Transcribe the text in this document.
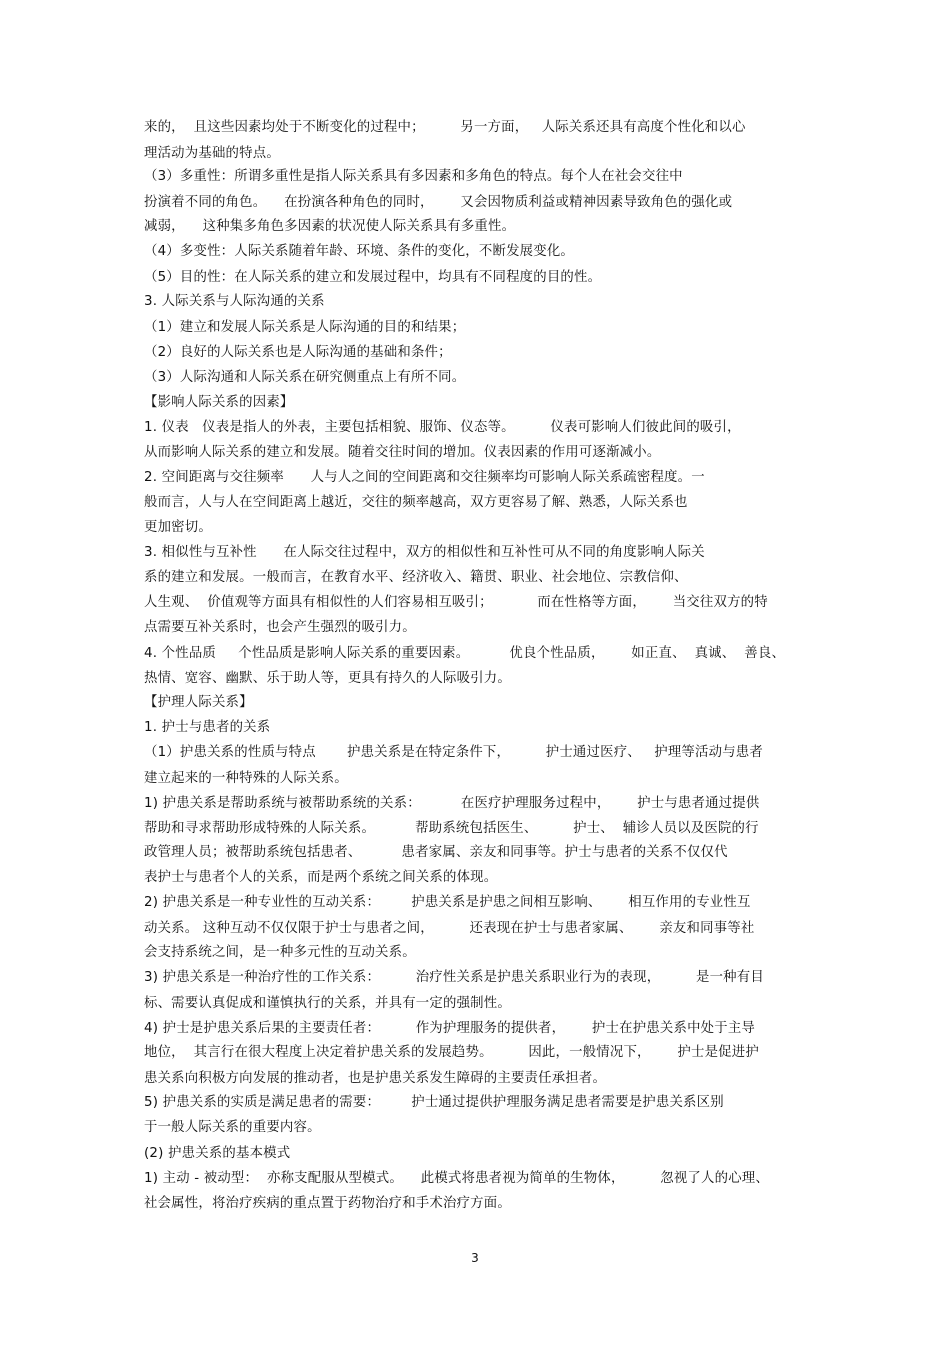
来的，  且这些因素均处于不断变化的过程中；        另一方面，   人际关系还具有高度个性化和以心
理活动为基础的特点。
（3）多重性：所谓多重性是指人际关系具有多因素和多角色的特点。每个人在社会交往中
扮演着不同的角色。    在扮演各种角色的同时，      又会因物质利益或精神因素导致角色的强化或
减弱，    这种集多角色多因素的状况使人际关系具有多重性。
（4）多变性：人际关系随着年龄、环境、条件的变化，不断发展变化。
（5）目的性：在人际关系的建立和发展过程中，均具有不同程度的目的性。
3. 人际关系与人际沟通的关系
（1）建立和发展人际关系是人际沟通的目的和结果；
（2）良好的人际关系也是人际沟通的基础和条件；
（3）人际沟通和人际关系在研究侧重点上有所不同。
【影响人际关系的因素】
1. 仪表   仪表是指人的外表，主要包括相貌、服饰、仪态等。        仪表可影响人们彼此间的吸引，
从而影响人际关系的建立和发展。随着交往时间的增加。仪表因素的作用可逐渐减小。
2. 空间距离与交往频率      人与人之间的空间距离和交往频率均可影响人际关系疏密程度。一
般而言，人与人在空间距离上越近，交往的频率越高，双方更容易了解、熟悉，人际关系也
更加密切。
3. 相似性与互补性      在人际交往过程中，双方的相似性和互补性可从不同的角度影响人际关
系的建立和发展。一般而言，在教育水平、经济收入、籍贯、职业、社会地位、宗教信仰、
人生观、  价值观等方面具有相似性的人们容易相互吸引；          而在性格等方面，      当交往双方的特
点需要互补关系时，也会产生强烈的吸引力。
4. 个性品质     个性品质是影响人际关系的重要因素。         优良个性品质，      如正直、  真诚、  善良、
热情、宽容、幽默、乐于助人等，更具有持久的人际吸引力。
【护理人际关系】
1. 护士与患者的关系
（1）护患关系的性质与特点       护患关系是在特定条件下，        护士通过医疗、   护理等活动与患者
建立起来的一种特殊的人际关系。
1) 护患关系是帮助系统与被帮助系统的关系：         在医疗护理服务过程中，      护士与患者通过提供
帮助和寻求帮助形成特殊的人际关系。         帮助系统包括医生、        护士、  辅诊人员以及医院的行
政管理人员；被帮助系统包括患者、         患者家属、亲友和同事等。护士与患者的关系不仅仅代
表护士与患者个人的关系，而是两个系统之间关系的体现。
2) 护患关系是一种专业性的互动关系：       护患关系是护患之间相互影响、      相互作用的专业性互
动关系。 这种互动不仅仅限于护士与患者之间，        还表现在护士与患者家属、      亲友和同事等社
会支持系统之间，是一种多元性的互动关系。
3) 护患关系是一种治疗性的工作关系：        治疗性关系是护患关系职业行为的表现，        是一种有目
标、需要认真促成和谨慎执行的关系，并具有一定的强制性。
4) 护士是护患关系后果的主要责任者：        作为护理服务的提供者，      护士在护患关系中处于主导
地位，  其言行在很大程度上决定着护患关系的发展趋势。        因此，一般情况下，      护士是促进护
患关系向积极方向发展的推动者，也是护患关系发生障碍的主要责任承担者。
5) 护患关系的实质是满足患者的需要：       护士通过提供护理服务满足患者需要是护患关系区别
于一般人际关系的重要内容。
(2) 护患关系的基本模式
1) 主动 - 被动型：  亦称支配服从型模式。    此模式将患者视为简单的生物体，        忽视了人的心理、
社会属性，将治疗疾病的重点置于药物治疗和手术治疗方面。
3
